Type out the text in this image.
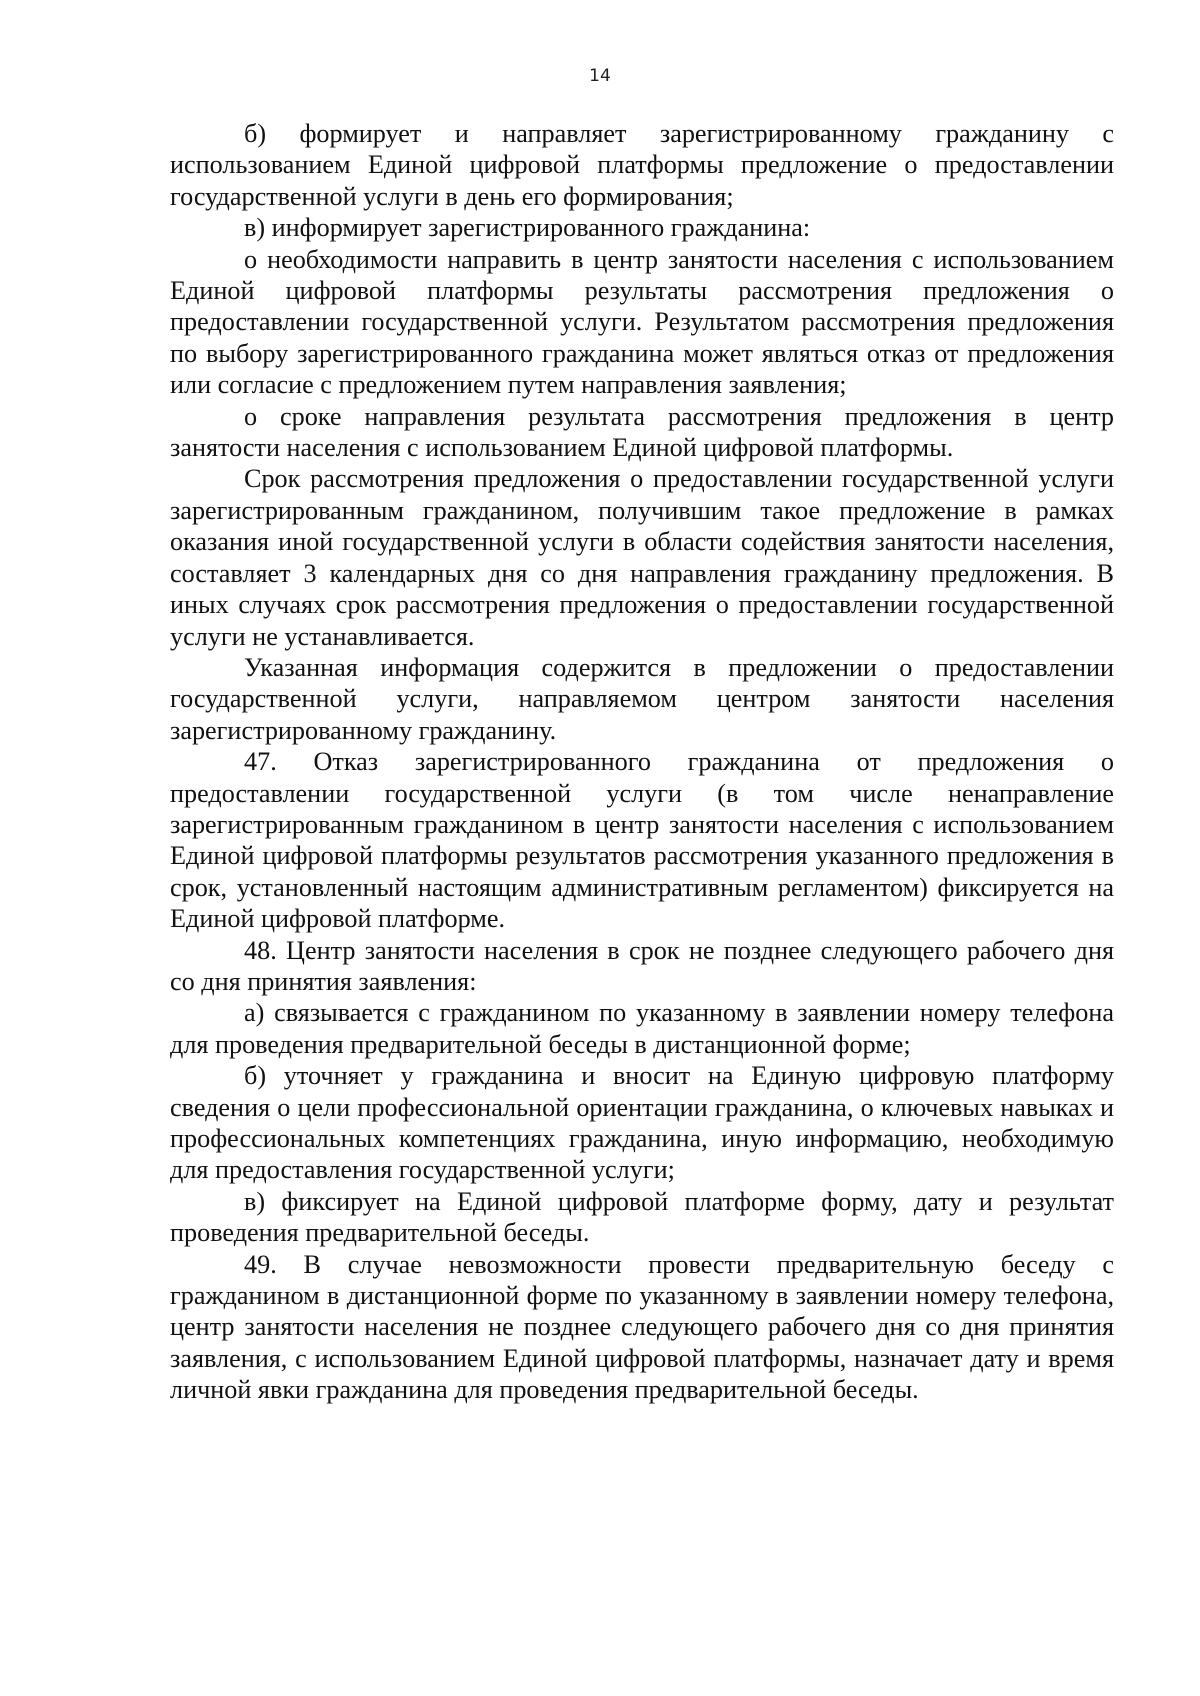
14

б) формирует и направляет зарегистрированному гражданину с использованием Единой цифровой платформы предложение о предоставлении государственной услуги в день его формирования;

в) информирует зарегистрированного гражданина:

о необходимости направить в центр занятости населения с использованием Единой цифровой платформы результаты рассмотрения предложения о предоставлении государственной услуги. Результатом рассмотрения предложения по выбору зарегистрированного гражданина может являться отказ от предложения или согласие с предложением путем направления заявления;

о сроке направления результата рассмотрения предложения в центр занятости населения с использованием Единой цифровой платформы.

Срок рассмотрения предложения о предоставлении государственной услуги зарегистрированным гражданином, получившим такое предложение в рамках оказания иной государственной услуги в области содействия занятости населения, составляет 3 календарных дня со дня направления гражданину предложения. В иных случаях срок рассмотрения предложения о предоставлении государственной услуги не устанавливается.

Указанная информация содержится в предложении о предоставлении государственной услуги, направляемом центром занятости населения зарегистрированному гражданину.

47. Отказ зарегистрированного гражданина от предложения о предоставлении государственной услуги (в том числе ненаправление зарегистрированным гражданином в центр занятости населения с использованием Единой цифровой платформы результатов рассмотрения указанного предложения в срок, установленный настоящим административным регламентом) фиксируется на Единой цифровой платформе.

48. Центр занятости населения в срок не позднее следующего рабочего дня со дня принятия заявления:

а) связывается с гражданином по указанному в заявлении номеру телефона для проведения предварительной беседы в дистанционной форме;

б) уточняет у гражданина и вносит на Единую цифровую платформу сведения о цели профессиональной ориентации гражданина, о ключевых навыках и профессиональных компетенциях гражданина, иную информацию, необходимую для предоставления государственной услуги;

в) фиксирует на Единой цифровой платформе форму, дату и результат проведения предварительной беседы.

49. В случае невозможности провести предварительную беседу с гражданином в дистанционной форме по указанному в заявлении номеру телефона, центр занятости населения не позднее следующего рабочего дня со дня принятия заявления, с использованием Единой цифровой платформы, назначает дату и время личной явки гражданина для проведения предварительной беседы.
